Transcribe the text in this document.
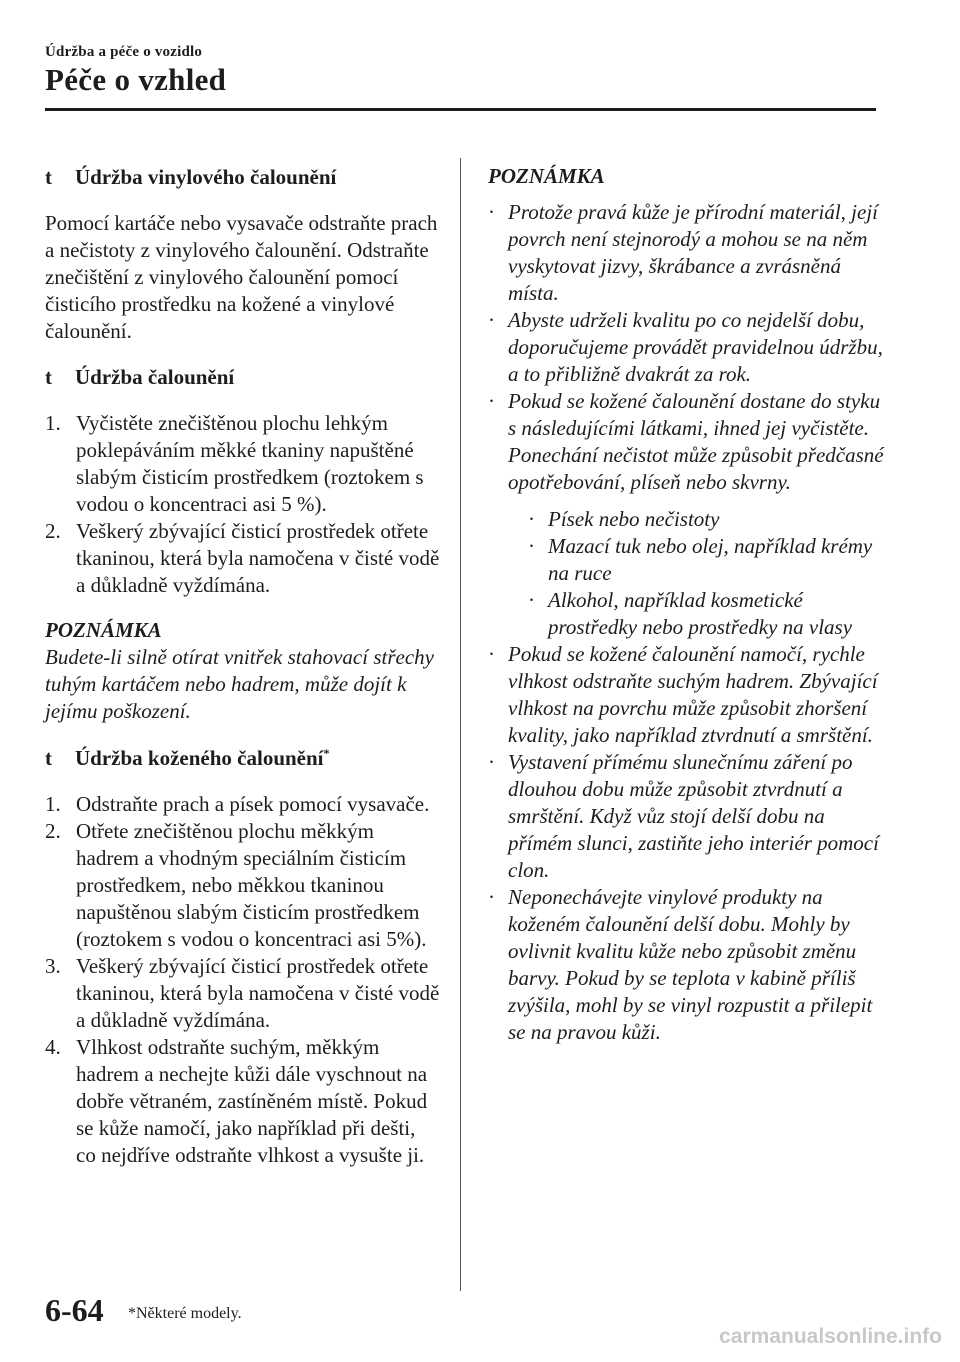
Údržba a péče o vozidlo
Péče o vzhled
t Údržba vinylového čalounění

Pomocí kartáče nebo vysavače odstraňte prach a nečistoty z vinylového čalounění. Odstraňte znečištění z vinylového čalounění pomocí čisticího prostředku na kožené a vinylové čalounění.

t Údržba čalounění
1. Vyčistěte znečištěnou plochu lehkým poklepáváním měkké tkaniny napuštěné slabým čisticím prostředkem (roztokem s vodou o koncentraci asi 5 %).
2. Veškerý zbývající čisticí prostředek otřete tkaninou, která byla namočena v čisté vodě a důkladně vyždímána.

POZNÁMKA

Budete-li silně otírat vnitřek stahovací střechy tuhým kartáčem nebo hadrem, může dojít k jejímu poškození.

t Údržba koženého čalounění*
1. Odstraňte prach a písek pomocí vysavače.
2. Otřete znečištěnou plochu měkkým hadrem a vhodným speciálním čisticím prostředkem, nebo měkkou tkaninou napuštěnou slabým čisticím prostředkem (roztokem s vodou o koncentraci asi 5%).
3. Veškerý zbývající čisticí prostředek otřete tkaninou, která byla namočena v čisté vodě a důkladně vyždímána.
4. Vlhkost odstraňte suchým, měkkým hadrem a nechejte kůži dále vyschnout na dobře větraném, zastíněném místě. Pokud se kůže namočí, jako například při dešti, co nejdříve odstraňte vlhkost a vysušte ji.

POZNÁMKA

· Protože pravá kůže je přírodní materiál, její povrch není stejnorodý a mohou se na něm vyskytovat jizvy, škrábance a zvrásněná místa.
· Abyste udrželi kvalitu po co nejdelší dobu, doporučujeme provádět pravidelnou údržbu, a to přibližně dvakrát za rok.
· Pokud se kožené čalounění dostane do styku s následujícími látkami, ihned jej vyčistěte.
Ponechání nečistot může způsobit předčasné opotřebování, plíseň nebo skvrny.
· Písek nebo nečistoty
· Mazací tuk nebo olej, například krémy na ruce
· Alkohol, například kosmetické prostředky nebo prostředky na vlasy
· Pokud se kožené čalounění namočí, rychle vlhkost odstraňte suchým hadrem. Zbývající vlhkost na povrchu může způsobit zhoršení kvality, jako například ztvrdnutí a smrštění.
· Vystavení přímému slunečnímu záření po dlouhou dobu může způsobit ztvrdnutí a smrštění. Když vůz stojí delší dobu na přímém slunci, zastiňte jeho interiér pomocí clon.
· Neponechávejte vinylové produkty na koženém čalounění delší dobu. Mohly by ovlivnit kvalitu kůže nebo způsobit změnu barvy. Pokud by se teplota v kabině příliš zvýšila, mohl by se vinyl rozpustit a přilepit se na pravou kůži.
6-64 *Některé modely.
carmanualsonline.info
